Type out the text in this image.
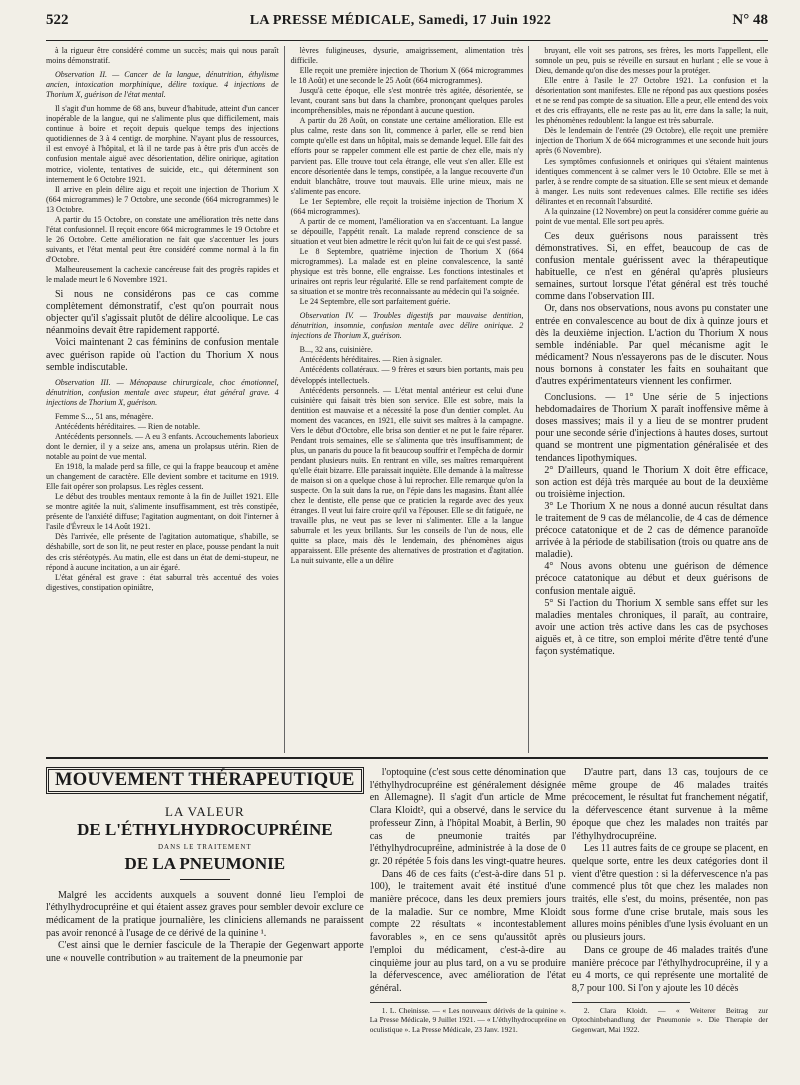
522	LA PRESSE MÉDICALE, Samedi, 17 Juin 1922	N° 48

à la rigueur être considéré comme un succès; mais qui nous paraît moins démonstratif.

Observation II. — Cancer de la langue, dénutrition, éthylisme ancien, intoxication morphinique, délire toxique. 4 injections de Thorium X, guérison de l'état mental.

Il s'agit d'un homme de 68 ans, buveur d'habitude, atteint d'un cancer inopérable de la langue, qui ne s'alimente plus que difficilement, mais continue à boire et reçoit depuis quelque temps des injections quotidiennes de 3 à 4 centigr. de morphine. N'ayant plus de ressources, il est envoyé à l'hôpital, et là il ne tarde pas à être pris d'un accès de confusion mentale aiguë avec désorientation, délire onirique, agitation motrice, violente, tentatives de suicide, etc., qui déterminent son internement le 6 Octobre 1921.

Il arrive en plein délire aigu et reçoit une injection de Thorium X (664 microgrammes) le 7 Octobre, une seconde (664 microgrammes) le 13 Octobre.

A partir du 15 Octobre, on constate une amélioration très nette dans l'état confusionnel. Il reçoit encore 664 microgrammes le 19 Octobre et le 26 Octobre. Cette amélioration ne fait que s'accentuer les jours suivants, et l'état mental peut être considéré comme normal à la fin d'Octobre.

Malheureusement la cachexie cancéreuse fait des progrès rapides et le malade meurt le 6 Novembre 1921.

Si nous ne considérons pas ce cas comme complètement démonstratif, c'est qu'on pourrait nous objecter qu'il s'agissait plutôt de délire alcoolique. Le cas néanmoins devait être rapidement rapporté.

Voici maintenant 2 cas féminins de confusion mentale avec guérison rapide où l'action du Thorium X nous semble indiscutable.

Observation III. — Ménopause chirurgicale, choc émotionnel, dénutrition, confusion mentale avec stupeur, état général grave. 4 injections de Thorium X, guérison.

Femme S..., 51 ans, ménagère.

Antécédents héréditaires. — Rien de notable.

Antécédents personnels. — A eu 3 enfants. Accouchements laborieux dont le dernier, il y a seize ans, amena un prolapsus utérin. Rien de notable au point de vue mental.

En 1918, la malade perd sa fille, ce qui la frappe beaucoup et amène un changement de caractère. Elle devient sombre et taciturne en 1919. Elle fait opérer son prolapsus. Les règles cessent.

Le début des troubles mentaux remonte à la fin de Juillet 1921. Elle se montre agitée la nuit, s'alimente insuffisamment, est très constipée, présente de l'anxiété diffuse; l'agitation augmentant, on doit l'interner à l'asile d'Évreux le 14 Août 1921.

Dès l'arrivée, elle présente de l'agitation automatique, s'habille, se déshabille, sort de son lit, ne peut rester en place, pousse pendant la nuit des cris stéréotypés. Au matin, elle est dans un état de demi-stupeur, ne répond à aucune incitation, a un air égaré.

L'état général est grave : état saburral très accentué des voies digestives, constipation opiniâtre,

lèvres fuligineuses, dysurie, amaigrissement, alimentation très difficile.

Elle reçoit une première injection de Thorium X (664 microgrammes le 18 Août) et une seconde le 25 Août (664 microgrammes).

Jusqu'à cette époque, elle s'est montrée très agitée, désorientée, se levant, courant sans but dans la chambre, prononçant quelques paroles incompréhensibles, mais ne répondant à aucune question.

A partir du 28 Août, on constate une certaine amélioration. Elle est plus calme, reste dans son lit, commence à parler, elle se rend bien compte qu'elle est dans un hôpital, mais se demande lequel. Elle fait des efforts pour se rappeler comment elle est partie de chez elle, mais n'y parvient pas. Elle trouve tout cela étrange, elle veut s'en aller. Elle est encore désorientée dans le temps, constipée, a la langue recouverte d'un enduit blanchâtre, trouve tout mauvais. Elle urine mieux, mais ne s'alimente pas encore.

Le 1er Septembre, elle reçoit la troisième injection de Thorium X (664 microgrammes).

A partir de ce moment, l'amélioration va en s'accentuant. La langue se dépouille, l'appétit renaît. La malade reprend conscience de sa situation et veut bien admettre le récit qu'on lui fait de ce qui s'est passé.

Le 8 Septembre, quatrième injection de Thorium X (664 microgrammes). La malade est en pleine convalescence, la santé physique est très bonne, elle engraisse. Les fonctions intestinales et urinaires ont repris leur régularité. Elle se rend parfaitement compte de sa situation et se montre très reconnaissante au médecin qui l'a soignée.

Le 24 Septembre, elle sort parfaitement guérie.

Observation IV. — Troubles digestifs par mauvaise dentition, dénutrition, insomnie, confusion mentale avec délire onirique. 2 injections de Thorium X, guérison.

B..., 32 ans, cuisinière.

Antécédents héréditaires. — Rien à signaler.

Antécédents collatéraux. — 9 frères et sœurs bien portants, mais peu développés intellectuels.

Antécédents personnels. — L'état mental antérieur est celui d'une cuisinière qui faisait très bien son service. Elle est sobre, mais la dentition est mauvaise et a nécessité la pose d'un dentier complet. Au moment des vacances, en 1921, elle suivit ses maîtres à la campagne. Vers le début d'Octobre, elle brisa son dentier et ne put le faire réparer. Pendant trois semaines, elle se s'alimenta que très insuffisamment; de plus, un panaris du pouce la fit beaucoup souffrir et l'empêcha de dormir pendant plusieurs nuits. En rentrant en ville, ses maîtres remarquèrent qu'elle était bizarre. Elle paraissait inquiète. Elle demande à la maîtresse de maison si on a quelque chose à lui reprocher. Elle remarque qu'on la suspecte. On la suit dans la rue, on l'épie dans les magasins. Étant allée chez le dentiste, elle pense que ce praticien la regarde avec des yeux étranges. Il veut lui faire croire qu'il va l'épouser. Elle se dit fatiguée, ne travaille plus, ne veut pas se lever ni s'alimenter. Elle a la langue saburrale et les yeux brillants. Sur les conseils de l'un de nous, elle quitte sa place, mais dès le lendemain, des phénomènes aigus apparaissent. Elle présente des alternatives de prostration et d'agitation. La nuit suivante, elle a un délire

bruyant, elle voit ses patrons, ses frères, les morts l'appellent, elle somnole un peu, puis se réveille en sursaut en hurlant ; elle se voue à Dieu, demande qu'on dise des messes pour la protéger.

Elle entre à l'asile le 27 Octobre 1921. La confusion et la désorientation sont manifestes. Elle ne répond pas aux questions posées et ne se rend pas compte de sa situation. Elle a peur, elle entend des voix et des cris effrayants, elle ne reste pas au lit, erre dans la salle; la nuit, les phénomènes redoublent: la langue est très saburrale.

Dès le lendemain de l'entrée (29 Octobre), elle reçoit une première injection de Thorium X de 664 microgrammes et une seconde huit jours après (6 Novembre).

Les symptômes confusionnels et oniriques qui s'étaient maintenus identiques commencent à se calmer vers le 10 Octobre. Elle se met à parler, à se rendre compte de sa situation. Elle se sent mieux et demande à manger. Les nuits sont redevenues calmes. Elle rectifie ses idées délirantes et en reconnaît l'absurdité.

A la quinzaine (12 Novembre) on peut la considérer comme guérie au point de vue mental. Elle sort peu après.

Ces deux guérisons nous paraissent très démonstratives. Si, en effet, beaucoup de cas de confusion mentale guérissent avec la thérapeutique habituelle, ce n'est en général qu'après plusieurs semaines, surtout lorsque l'état général est très touché comme dans l'observation III.

Or, dans nos observations, nous avons pu constater une entrée en convalescence au bout de dix à quinze jours et dès la deuxième injection. L'action du Thorium X nous semble indéniable. Par quel mécanisme agit le médicament? Nous n'essayerons pas de le discuter. Nous nous bornons à constater les faits en souhaitant que d'autres expérimentateurs viennent les confirmer.

Conclusions. — 1° Une série de 5 injections hebdomadaires de Thorium X paraît inoffensive même à doses massives; mais il y a lieu de se montrer prudent pour une seconde série d'injections à hautes doses, surtout quand se montrent une pigmentation généralisée et des tendances lipothymiques.

2° D'ailleurs, quand le Thorium X doit être efficace, son action est déjà très marquée au bout de la deuxième ou troisième injection.

3° Le Thorium X ne nous a donné aucun résultat dans le traitement de 9 cas de mélancolie, de 4 cas de démence précoce catatonique et de 2 cas de démence paranoïde arrivée à la période de stabilisation (trois ou quatre ans de maladie).

4° Nous avons obtenu une guérison de démence précoce catatonique au début et deux guérisons de confusion mentale aiguë.

5° Si l'action du Thorium X semble sans effet sur les maladies mentales chroniques, il paraît, au contraire, avoir une action très active dans les cas de psychoses aiguës et, à ce titre, son emploi mérite d'être tenté d'une façon systématique.

MOUVEMENT THÉRAPEUTIQUE
LA VALEUR
DE L'ÉTHYLHYDROCUPRÉINE
DANS LE TRAITEMENT
DE LA PNEUMONIE

Malgré les accidents auxquels a souvent donné lieu l'emploi de l'éthylhydrocupréine et qui étaient assez graves pour sembler devoir exclure ce médicament de la pratique journalière, les cliniciens allemands ne paraissent pas avoir renoncé à l'usage de ce dérivé de la quinine ¹.

C'est ainsi que le dernier fascicule de la Therapie der Gegenwart apporte une « nouvelle contribution » au traitement de la pneumonie par

l'optoquine (c'est sous cette dénomination que l'éthylhydrocupréine est généralement désignée en Allemagne). Il s'agit d'un article de Mme Clara Kloidt², qui a observé, dans le service du professeur Zinn, à l'hôpital Moabit, à Berlin, 90 cas de pneumonie traités par l'éthylhydrocupréine, administrée à la dose de 0 gr. 20 répétée 5 fois dans les vingt-quatre heures.

Dans 46 de ces faits (c'est-à-dire dans 51 p. 100), le traitement avait été institué d'une manière précoce, dans les deux premiers jours de la maladie. Sur ce nombre, Mme Kloidt compte 22 résultats « incontestablement favorables », en ce sens qu'aussitôt après l'emploi du médicament, c'est-à-dire au cinquième jour au plus tard, on a vu se produire la défervescence, avec amélioration de l'état général.

1. L. Cheinisse. — « Les nouveaux dérivés de la quinine ». La Presse Médicale, 9 Juillet 1921. — « L'éthylhydrocupréine en oculistique ». La Presse Médicale, 23 Janv. 1921.

D'autre part, dans 13 cas, toujours de ce même groupe de 46 malades traités précocement, le résultat fut franchement négatif, la défervescence étant survenue à la même époque que chez les malades non traités par l'éthylhydrocupréine.

Les 11 autres faits de ce groupe se placent, en quelque sorte, entre les deux catégories dont il vient d'être question : si la défervescence n'a pas commencé plus tôt que chez les malades non traités, elle s'est, du moins, présentée, non pas sous forme d'une crise brutale, mais sous les allures moins pénibles d'une lysis évoluant en un ou plusieurs jours.

Dans ce groupe de 46 malades traités d'une manière précoce par l'éthylhydrocupréine, il y a eu 4 morts, ce qui représente une mortalité de 8,7 pour 100. Si l'on y ajoute les 10 décès

2. Clara Kloidt. — « Weiterer Beitrag zur Optochinbehandlung der Pneumonie ». Die Therapie der Gegenwart, Mai 1922.
